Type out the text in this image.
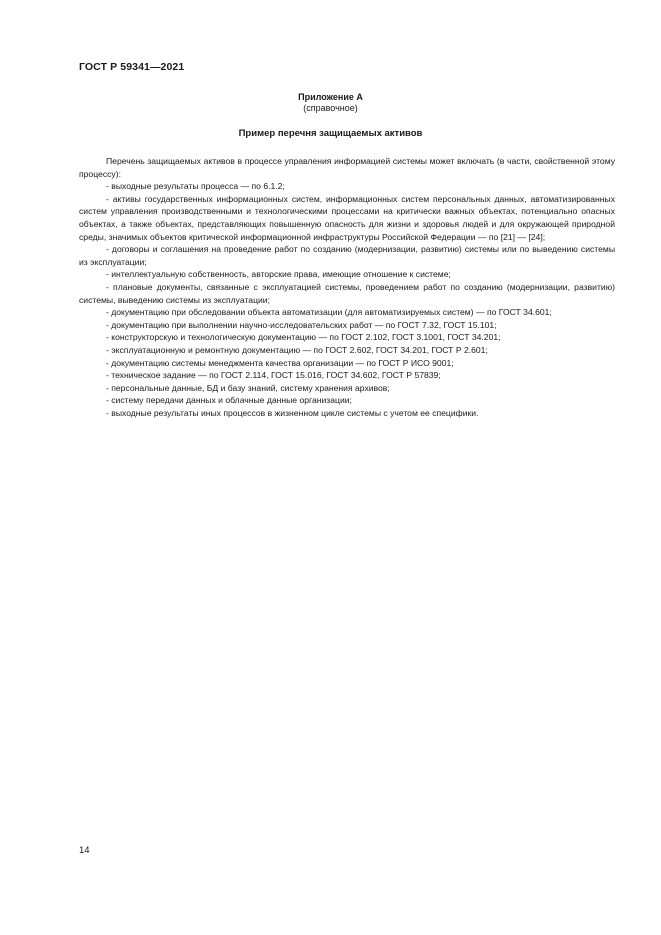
ГОСТ Р 59341—2021
Приложение А
(справочное)
Пример перечня защищаемых активов

Перечень защищаемых активов в процессе управления информацией системы может включать (в части, свойственной этому процессу):

- выходные результаты процесса — по 6.1.2;

- активы государственных информационных систем, информационных систем персональных данных, автоматизированных систем управления производственными и технологическими процессами на критически важных объектах, потенциально опасных объектах, а также объектах, представляющих повышенную опасность для жизни и здоровья людей и для окружающей природной среды, значимых объектов критической информационной инфраструктуры Российской Федерации — по [21] — [24];

- договоры и соглашения на проведение работ по созданию (модернизации, развитию) системы или по выведению системы из эксплуатации;

- интеллектуальную собственность, авторские права, имеющие отношение к системе;

- плановые документы, связанные с эксплуатацией системы, проведением работ по созданию (модернизации, развитию) системы, выведению системы из эксплуатации;

- документацию при обследовании объекта автоматизации (для автоматизируемых систем) — по ГОСТ 34.601;

- документацию при выполнении научно-исследовательских работ — по ГОСТ 7.32, ГОСТ 15.101;

- конструкторскую и технологическую документацию — по ГОСТ 2.102, ГОСТ 3.1001, ГОСТ 34.201;

- эксплуатационную и ремонтную документацию — по ГОСТ 2.602, ГОСТ 34.201, ГОСТ Р 2.601;

- документацию системы менеджмента качества организации — по ГОСТ Р ИСО 9001;

- техническое задание — по ГОСТ 2.114, ГОСТ 15.016, ГОСТ 34.602, ГОСТ Р 57839;

- персональные данные, БД и базу знаний, систему хранения архивов;

- систему передачи данных и облачные данные организации;

- выходные результаты иных процессов в жизненном цикле системы с учетом ее специфики.

14
